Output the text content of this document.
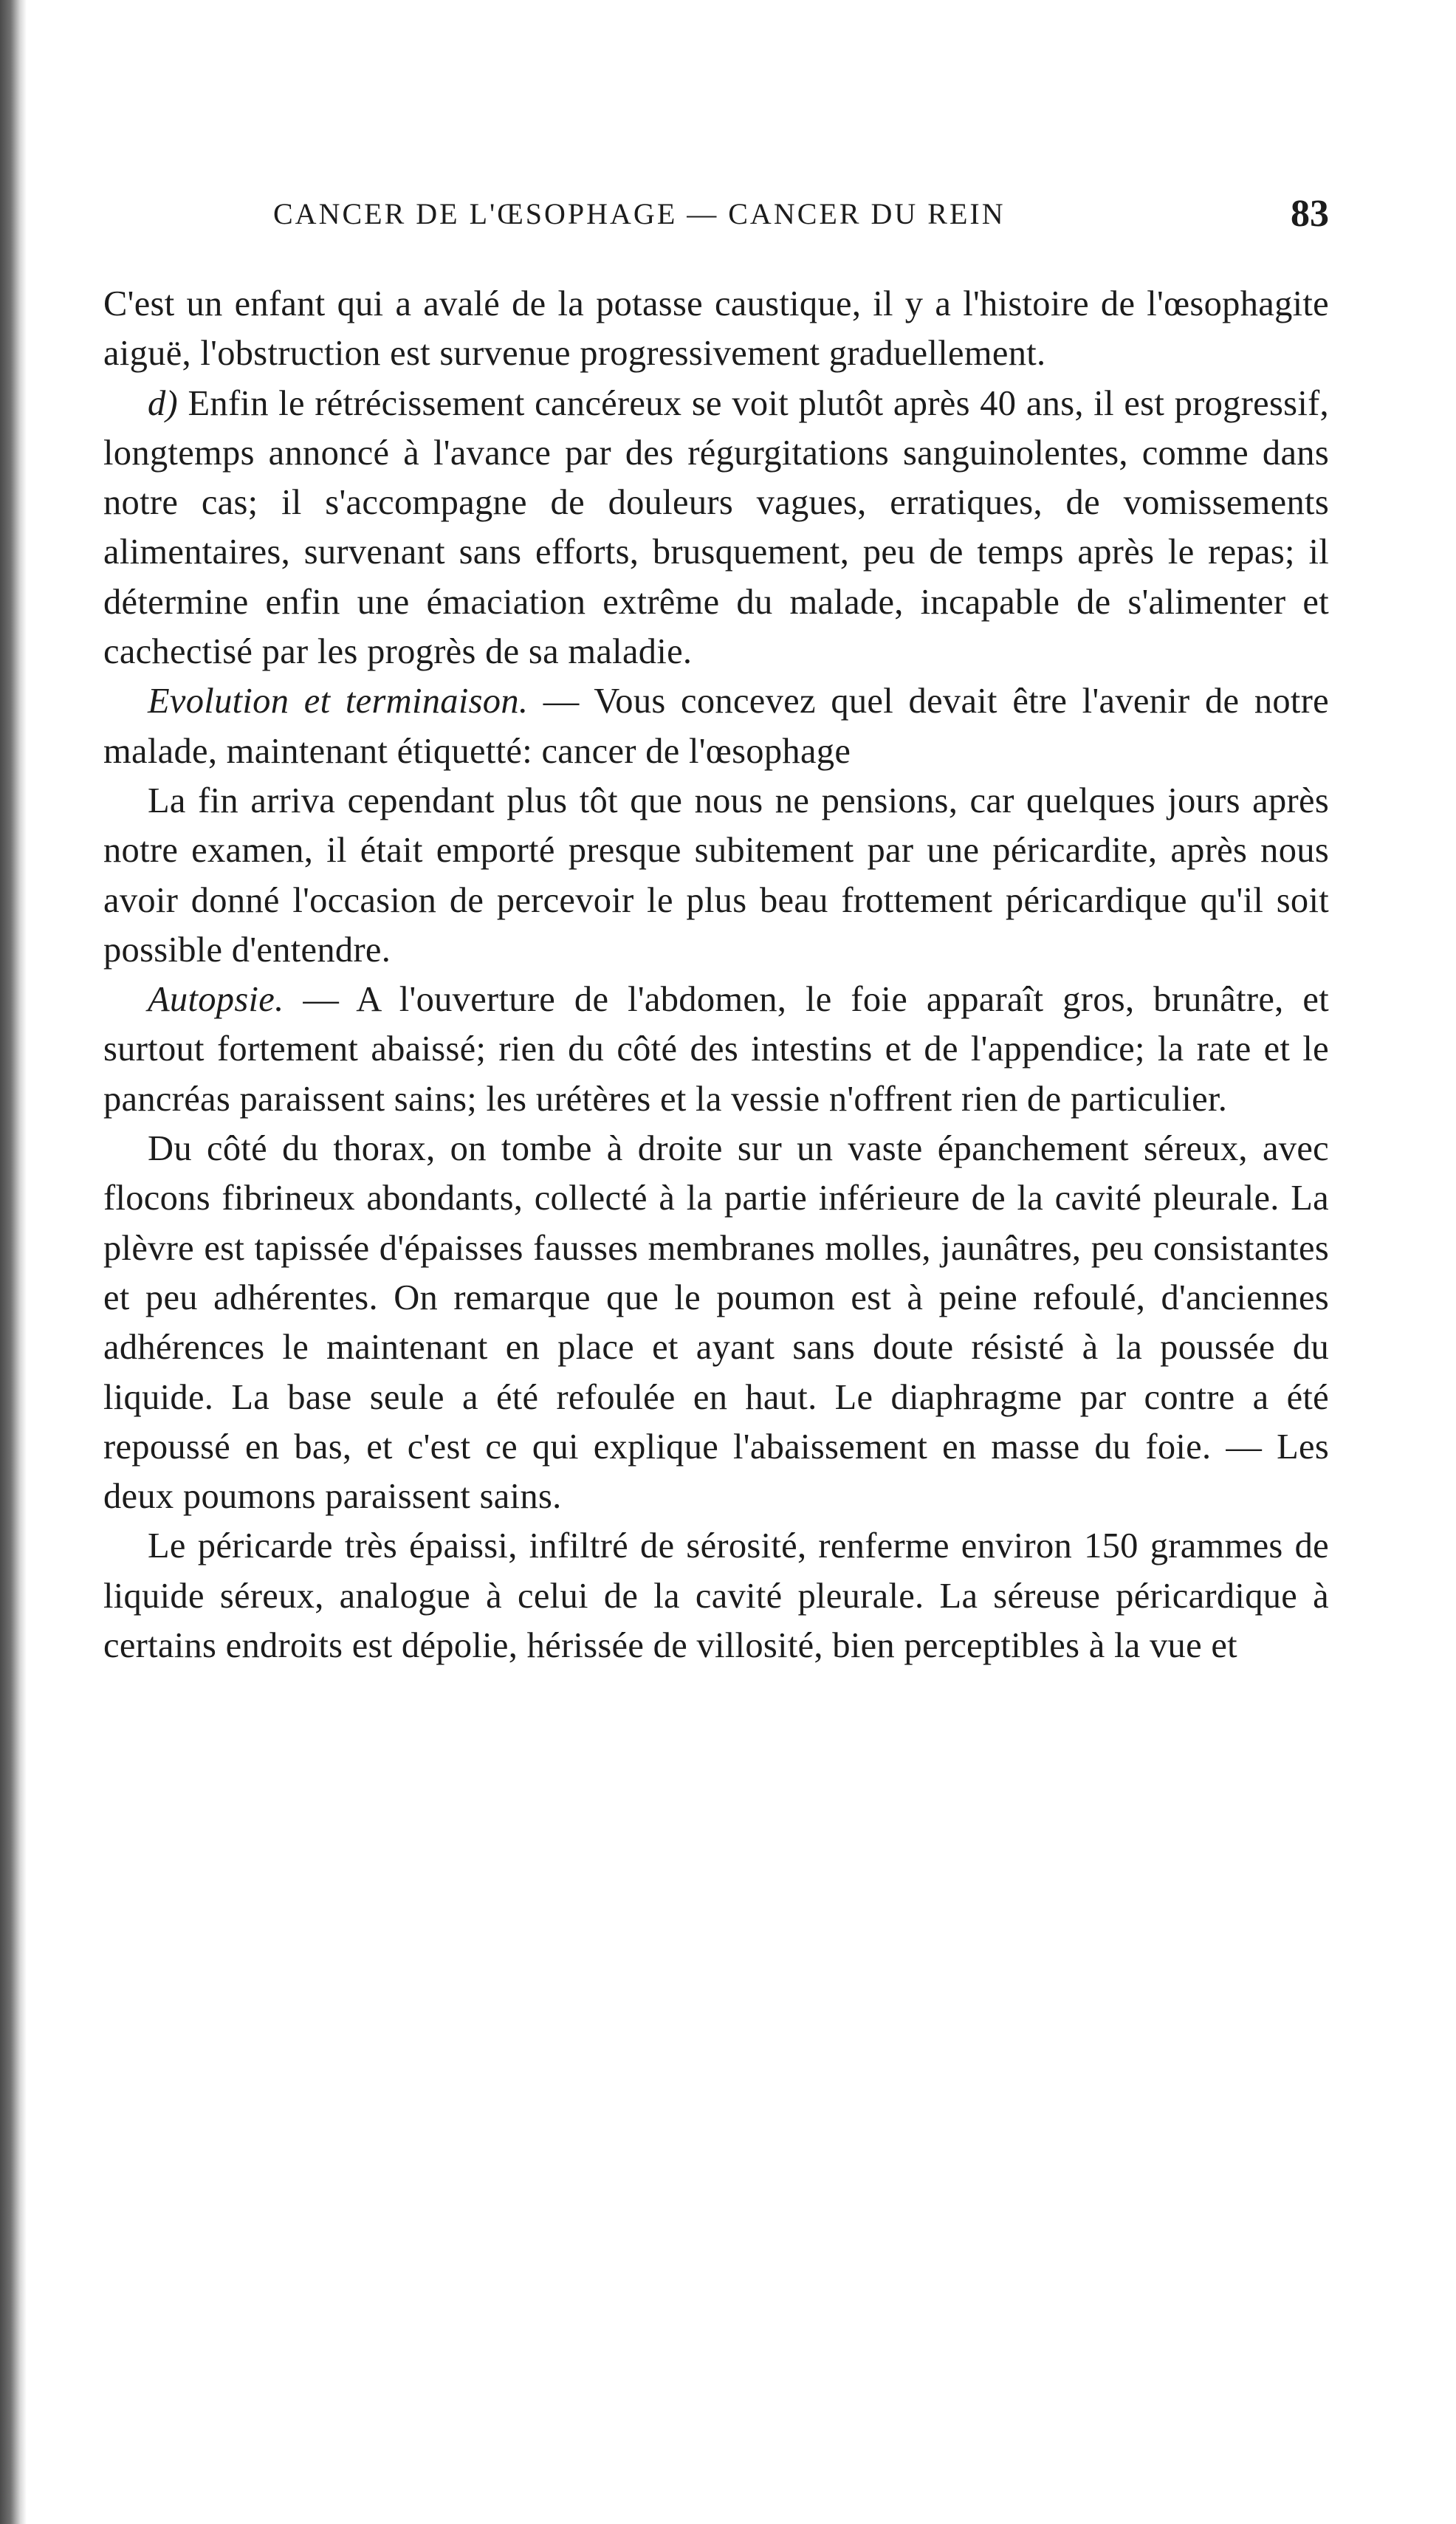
CANCER DE L'ŒSOPHAGE — CANCER DU REIN	83

C'est un enfant qui a avalé de la potasse caustique, il y a l'histoire de l'œsophagite aiguë, l'obstruction est survenue progressivement graduellement.

d) Enfin le rétrécissement cancéreux se voit plutôt après 40 ans, il est progressif, longtemps annoncé à l'avance par des régurgitations sanguinolentes, comme dans notre cas; il s'accompagne de douleurs vagues, erratiques, de vomissements alimentaires, survenant sans efforts, brusquement, peu de temps après le repas; il détermine enfin une émaciation extrême du malade, incapable de s'alimenter et cachectisé par les progrès de sa maladie.

Evolution et terminaison. — Vous concevez quel devait être l'avenir de notre malade, maintenant étiquetté: cancer de l'œsophage

La fin arriva cependant plus tôt que nous ne pensions, car quelques jours après notre examen, il était emporté presque subitement par une péricardite, après nous avoir donné l'occasion de percevoir le plus beau frottement péricardique qu'il soit possible d'entendre.

Autopsie. — A l'ouverture de l'abdomen, le foie apparaît gros, brunâtre, et surtout fortement abaissé; rien du côté des intestins et de l'appendice; la rate et le pancréas paraissent sains; les urétères et la vessie n'offrent rien de particulier.

Du côté du thorax, on tombe à droite sur un vaste épanchement séreux, avec flocons fibrineux abondants, collecté à la partie inférieure de la cavité pleurale. La plèvre est tapissée d'épaisses fausses membranes molles, jaunâtres, peu consistantes et peu adhérentes. On remarque que le poumon est à peine refoulé, d'anciennes adhérences le maintenant en place et ayant sans doute résisté à la poussée du liquide. La base seule a été refoulée en haut. Le diaphragme par contre a été repoussé en bas, et c'est ce qui explique l'abaissement en masse du foie. — Les deux poumons paraissent sains.

Le péricarde très épaissi, infiltré de sérosité, renferme environ 150 grammes de liquide séreux, analogue à celui de la cavité pleurale. La séreuse péricardique à certains endroits est dépolie, hérissée de villosité, bien perceptibles à la vue et
